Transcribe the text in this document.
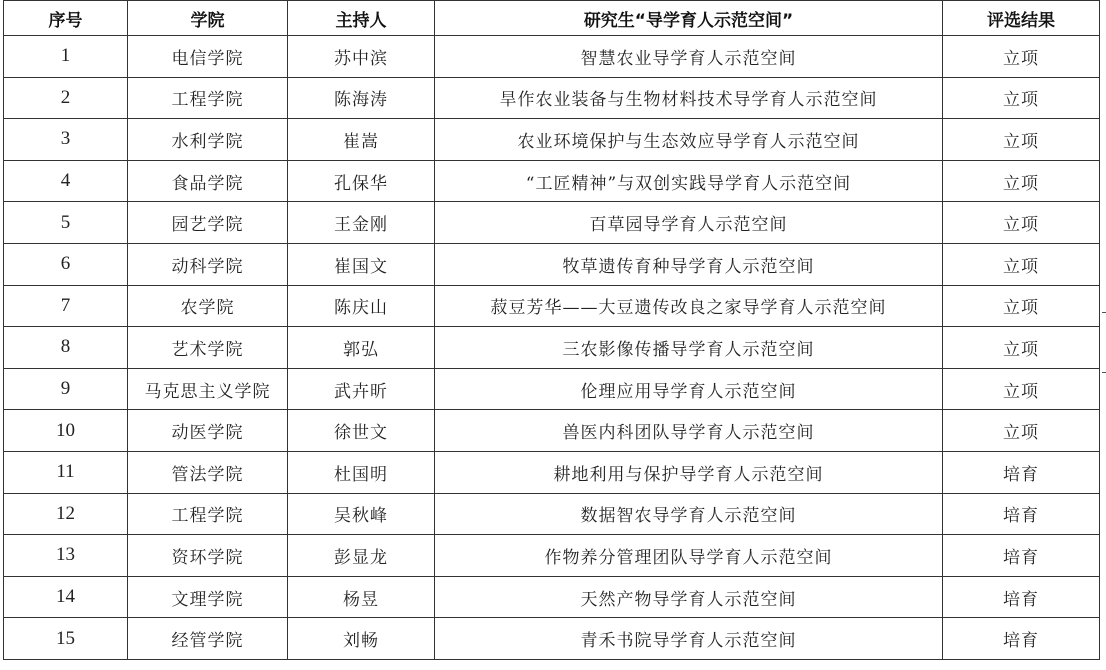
序号	学院	主持人	研究生“导学育人示范空间”	评选结果
1	电信学院	苏中滨	智慧农业导学育人示范空间	立项
2	工程学院	陈海涛	旱作农业装备与生物材料技术导学育人示范空间	立项
3	水利学院	崔嵩	农业环境保护与生态效应导学育人示范空间	立项
4	食品学院	孔保华	“工匠精神”与双创实践导学育人示范空间	立项
5	园艺学院	王金刚	百草园导学育人示范空间	立项
6	动科学院	崔国文	牧草遗传育种导学育人示范空间	立项
7	农学院	陈庆山	菽豆芳华——大豆遗传改良之家导学育人示范空间	立项
8	艺术学院	郭弘	三农影像传播导学育人示范空间	立项
9	马克思主义学院	武卉昕	伦理应用导学育人示范空间	立项
10	动医学院	徐世文	兽医内科团队导学育人示范空间	立项
11	管法学院	杜国明	耕地利用与保护导学育人示范空间	培育
12	工程学院	吴秋峰	数据智农导学育人示范空间	培育
13	资环学院	彭显龙	作物养分管理团队导学育人示范空间	培育
14	文理学院	杨昱	天然产物导学育人示范空间	培育
15	经管学院	刘畅	青禾书院导学育人示范空间	培育
